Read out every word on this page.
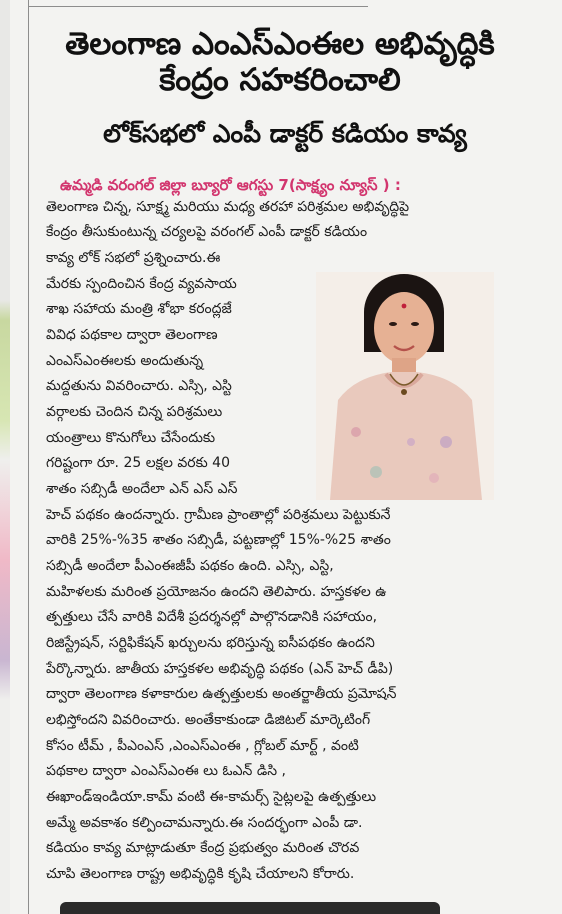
తెలంగాణ ఎంఎస్ఎంఈల అభివృద్ధికి
కేంద్రం సహకరించాలి
లోక్‌సభలో ఎంపీ డాక్టర్ కడియం కావ్య
ఉమ్మడి వరంగల్ జిల్లా బ్యూరో ఆగస్టు 7(సాక్ష్యం న్యూస్ ) :
తెలంగాణ చిన్న, సూక్ష్మ మరియు మధ్య తరహా పరిశ్రమల అభివృద్ధిపై
కేంద్రం తీసుకుంటున్న చర్యలపై వరంగల్ ఎంపీ డాక్టర్ కడియం
కావ్య లోక్ సభలో ప్రశ్నించారు.ఈ
మేరకు స్పందించిన కేంద్ర వ్యవసాయ
శాఖ సహాయ మంత్రి శోభా కరంద్లజే
వివిధ పథకాల ద్వారా తెలంగాణ
ఎంఎస్ఎంఈలకు అందుతున్న
మద్దతును వివరించారు. ఎస్సి, ఎస్టి
వర్గాలకు చెందిన చిన్న పరిశ్రమలు
యంత్రాలు కొనుగోలు చేసేందుకు
గరిష్టంగా రూ. 25 లక్షల వరకు 40
శాతం సబ్సిడీ అందేలా ఎన్ ఎస్ ఎస్
హెచ్ పథకం ఉందన్నారు. గ్రామీణ ప్రాంతాల్లో పరిశ్రమలు పెట్టుకునే
వారికి 25%-%35 శాతం సబ్సిడీ, పట్టణాల్లో 15%-%25 శాతం
సబ్సిడీ అందేలా పీఎంఈజీపీ పథకం ఉంది. ఎస్సి, ఎస్టి,
మహిళలకు మరింత ప్రయోజనం ఉందని తెలిపారు. హస్తకళల ఉ
త్పత్తులు చేసే వారికి విదేశీ ప్రదర్శనల్లో పాల్గొనడానికి సహాయం,
రిజిస్ట్రేషన్, సర్టిఫికేషన్ ఖర్చులను భరిస్తున్న ఐసీపథకం ఉందని
పేర్కొన్నారు. జాతీయ హస్తకళల అభివృద్ధి పథకం (ఎన్ హెచ్ డీపి)
ద్వారా తెలంగాణ కళాకారుల ఉత్పత్తులకు అంతర్జాతీయ ప్రమోషన్
లభిస్తోందని వివరించారు. అంతేకాకుండా డిజిటల్ మార్కెటింగ్
కోసం టీమ్ , పీఎంఎస్ ,ఎంఎస్ఎంఈ , గ్లోబల్ మార్ట్ , వంటి
పథకాల ద్వారా ఎంఎస్ఎంఈ లు ఓఎన్ డిసి ,
ఈఖాండ్ఇండియా.కామ్ వంటి ఈ-కామర్స్ సైట్లలపై ఉత్పత్తులు
అమ్మే అవకాశం కల్పించామన్నారు.ఈ సందర్భంగా ఎంపీ డా.
కడియం కావ్య మాట్లాడుతూ కేంద్ర ప్రభుత్వం మరింత చొరవ
చూపి తెలంగాణ రాష్ట్ర అభివృద్ధికి కృషి చేయాలని కోరారు.
